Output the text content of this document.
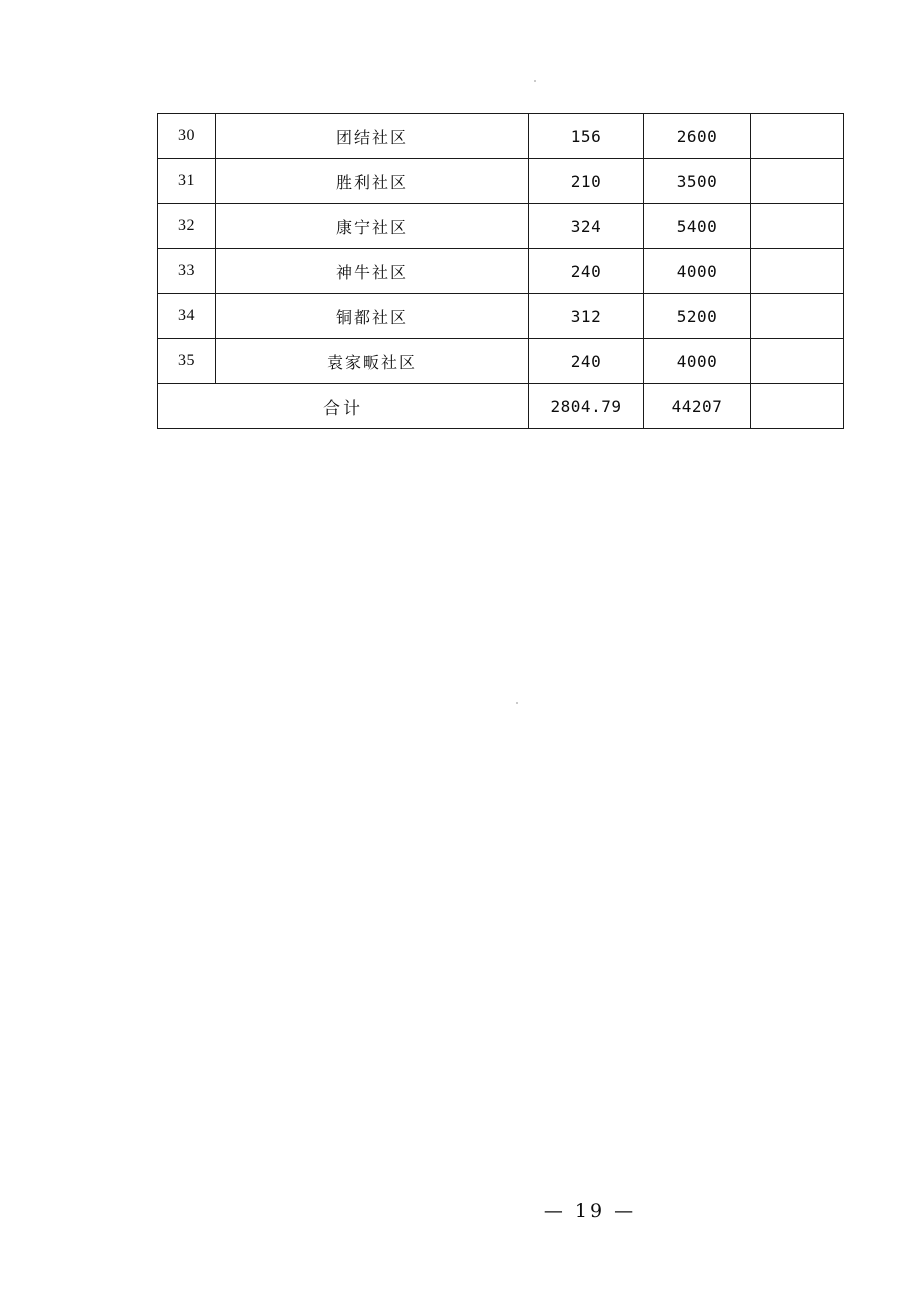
30	团结社区	156	2600	
31	胜利社区	210	3500	
32	康宁社区	324	5400	
33	神牛社区	240	4000	
34	铜都社区	312	5200	
35	袁家畈社区	240	4000	
合计		2804.79	44207	
— 19 —
